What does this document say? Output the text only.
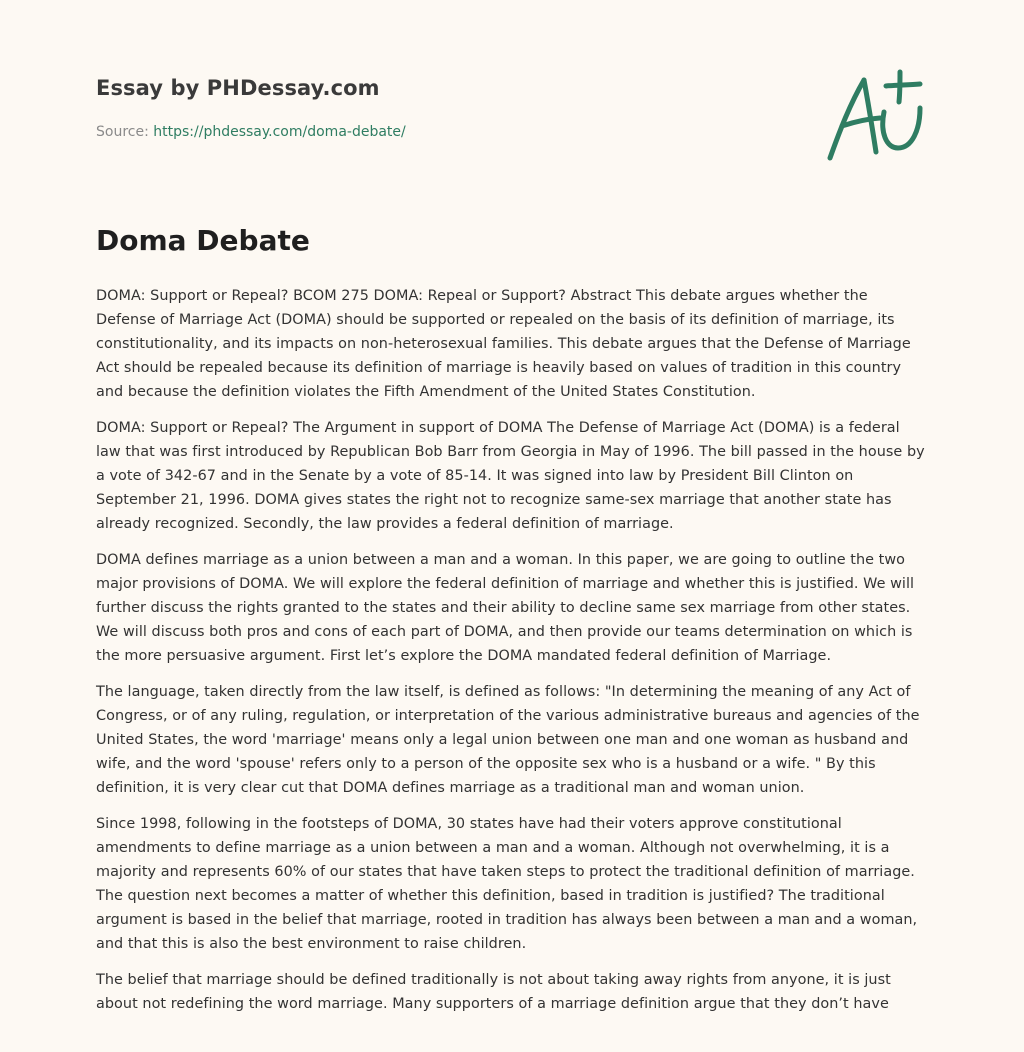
Essay by PHDessay.com
Source: https://phdessay.com/doma-debate/
Doma Debate

DOMA: Support or Repeal? BCOM 275 DOMA: Repeal or Support? Abstract This debate argues whether the Defense of Marriage Act (DOMA) should be supported or repealed on the basis of its definition of marriage, its constitutionality, and its impacts on non-heterosexual families. This debate argues that the Defense of Marriage Act should be repealed because its definition of marriage is heavily based on values of tradition in this country and because the definition violates the Fifth Amendment of the United States Constitution.

DOMA: Support or Repeal? The Argument in support of DOMA The Defense of Marriage Act (DOMA) is a federal law that was first introduced by Republican Bob Barr from Georgia in May of 1996. The bill passed in the house by a vote of 342-67 and in the Senate by a vote of 85-14. It was signed into law by President Bill Clinton on September 21, 1996. DOMA gives states the right not to recognize same-sex marriage that another state has already recognized. Secondly, the law provides a federal definition of marriage.

DOMA defines marriage as a union between a man and a woman. In this paper, we are going to outline the two major provisions of DOMA. We will explore the federal definition of marriage and whether this is justified. We will further discuss the rights granted to the states and their ability to decline same sex marriage from other states. We will discuss both pros and cons of each part of DOMA, and then provide our teams determination on which is the more persuasive argument. First let’s explore the DOMA mandated federal definition of Marriage.

The language, taken directly from the law itself, is defined as follows: "In determining the meaning of any Act of Congress, or of any ruling, regulation, or interpretation of the various administrative bureaus and agencies of the United States, the word 'marriage' means only a legal union between one man and one woman as husband and wife, and the word 'spouse' refers only to a person of the opposite sex who is a husband or a wife. " By this definition, it is very clear cut that DOMA defines marriage as a traditional man and woman union.

Since 1998, following in the footsteps of DOMA, 30 states have had their voters approve constitutional amendments to define marriage as a union between a man and a woman. Although not overwhelming, it is a majority and represents 60% of our states that have taken steps to protect the traditional definition of marriage. The question next becomes a matter of whether this definition, based in tradition is justified? The traditional argument is based in the belief that marriage, rooted in tradition has always been between a man and a woman, and that this is also the best environment to raise children.

The belief that marriage should be defined traditionally is not about taking away rights from anyone, it is just about not redefining the word marriage. Many supporters of a marriage definition argue that they don’t have
